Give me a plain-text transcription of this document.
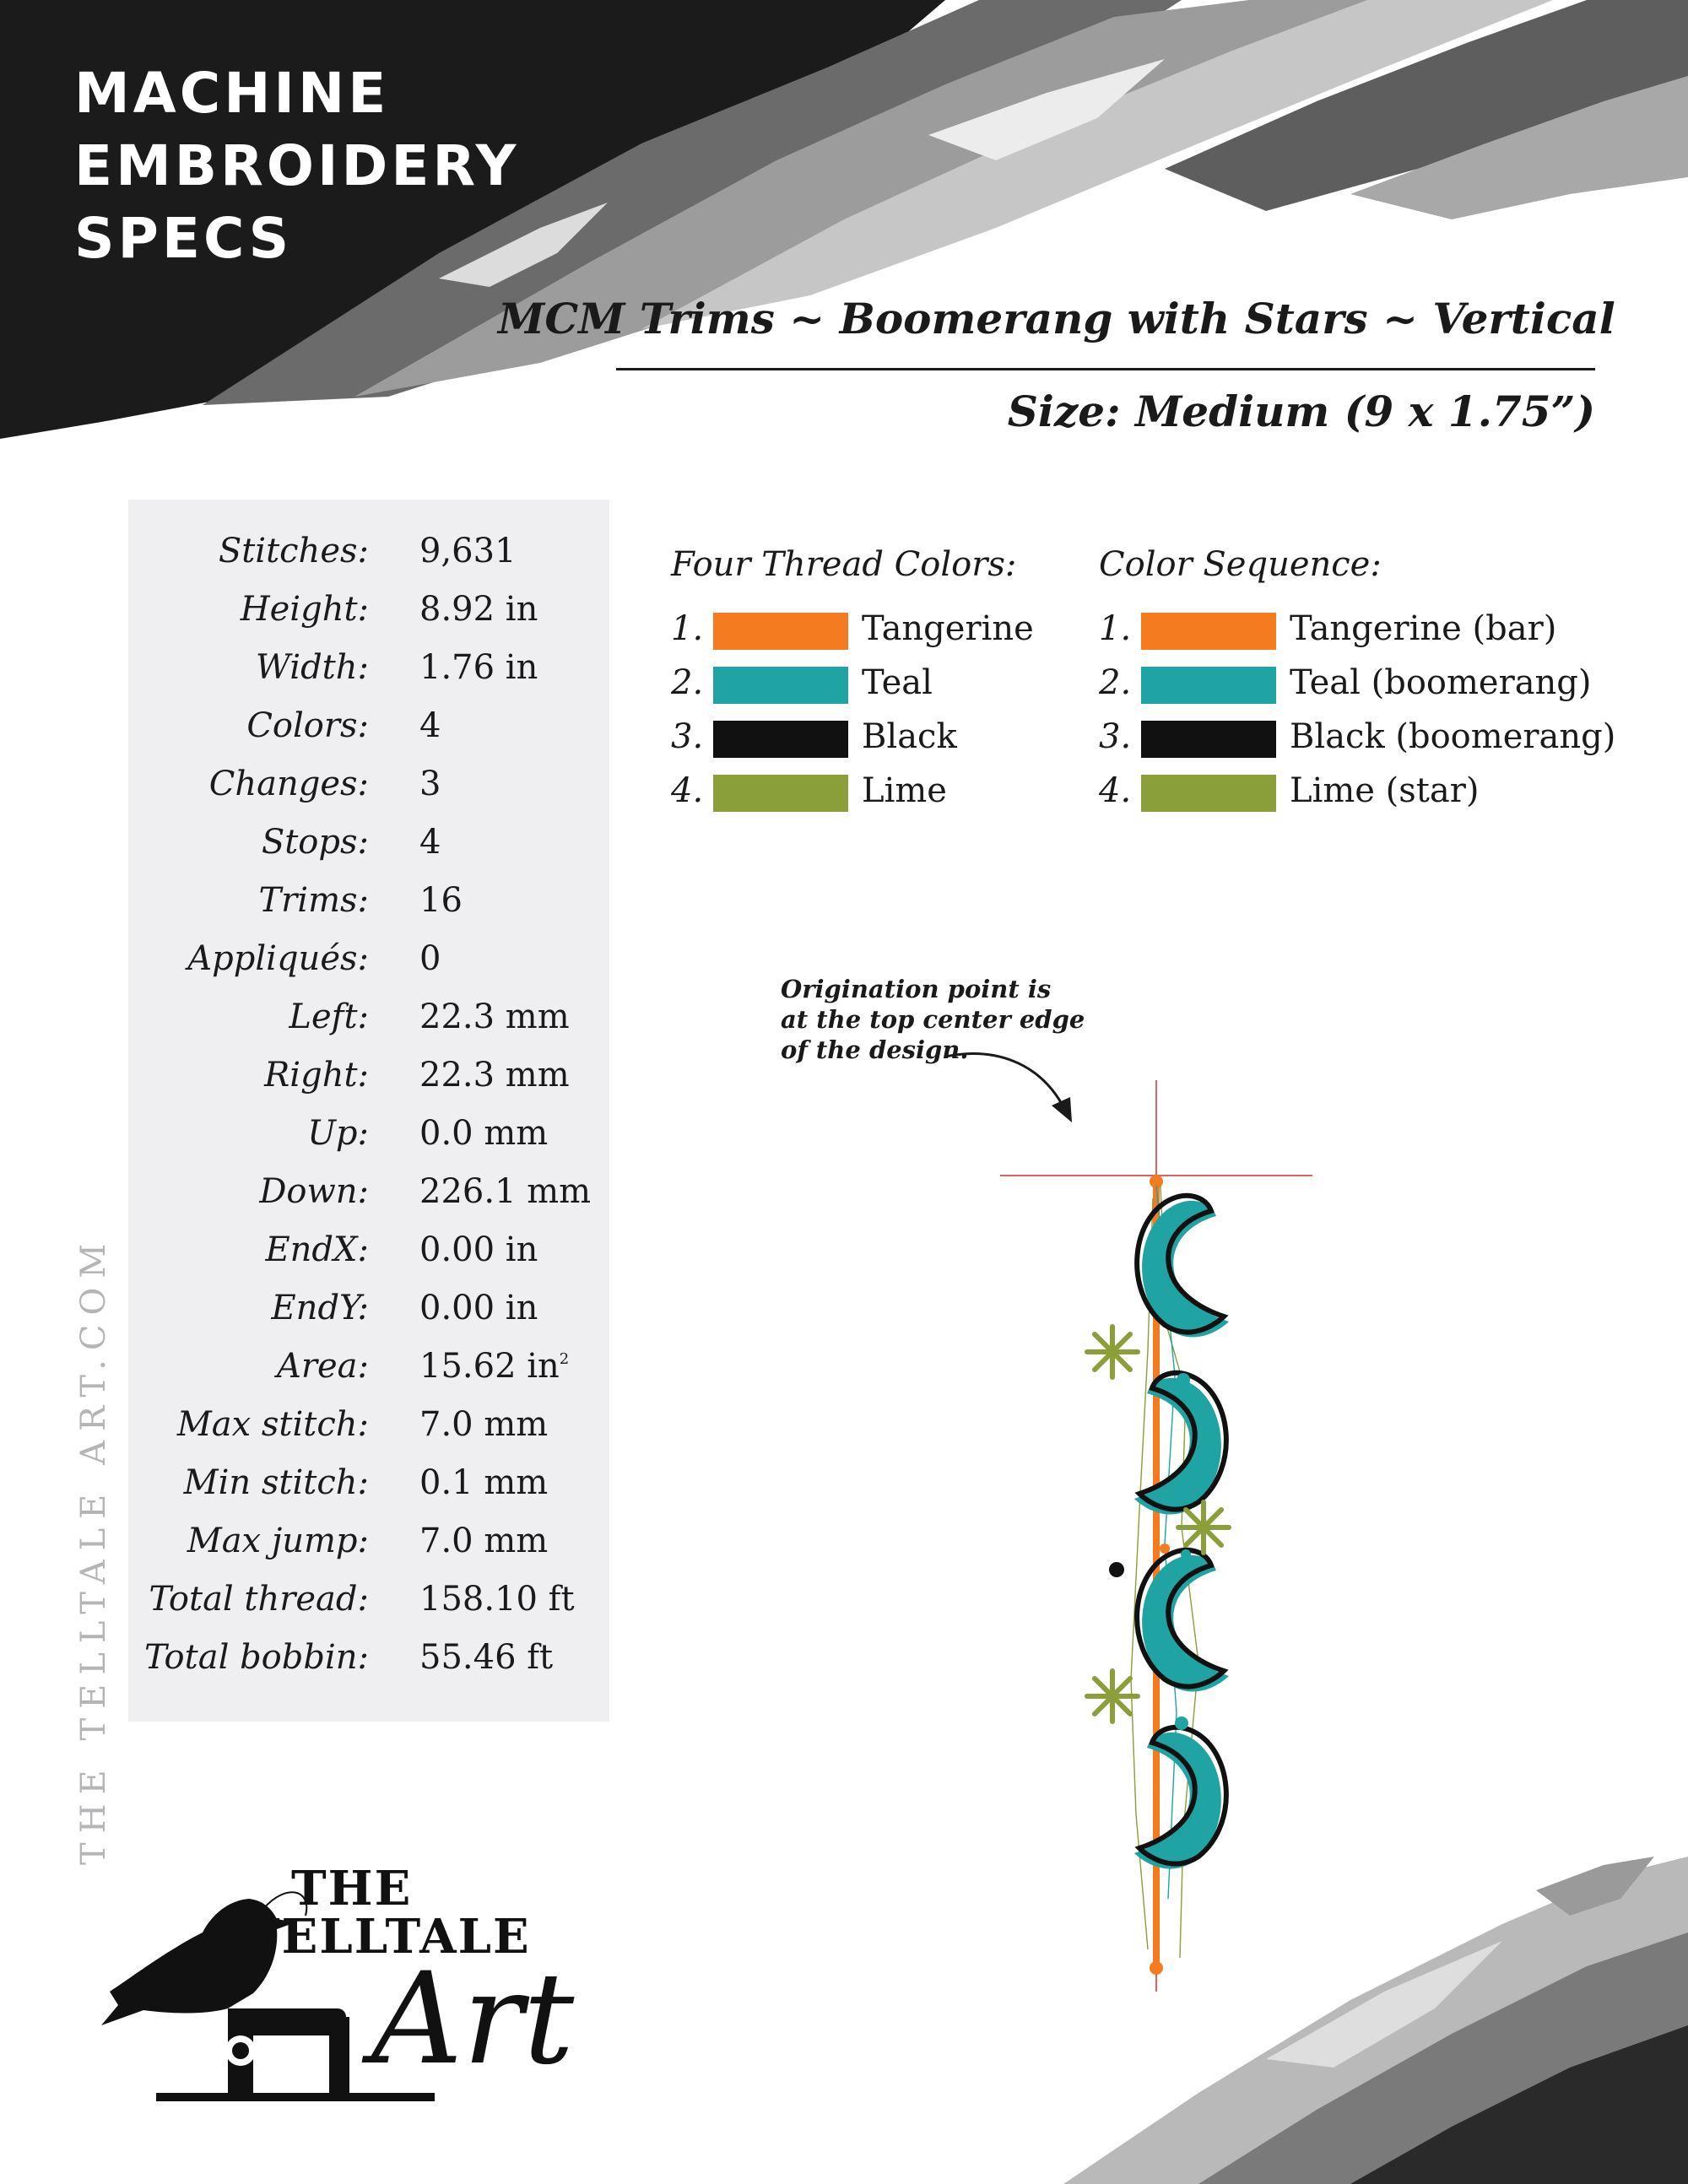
MACHINE
EMBROIDERY
SPECS
MCM Trims ~ Boomerang with Stars ~ Vertical
Size: Medium (9 x 1.75”)
Stitches: 9,631
Height: 8.92 in
Width: 1.76 in
Colors: 4
Changes: 3
Stops: 4
Trims: 16
Appliqués: 0
Left: 22.3 mm
Right: 22.3 mm
Up: 0.0 mm
Down: 226.1 mm
EndX: 0.00 in
EndY: 0.00 in
Area: 15.62 $in^2$
Max stitch: 7.0 mm
Min stitch: 0.1 mm
Max jump: 7.0 mm
Total thread: 158.10 ft
Total bobbin: 55.46 ft
THE TELLTALE ART.COM
Four Thread Colors:
1.	Tangerine
2.	Teal
3.	Black
4.	Lime
Color Sequence:
1.	Tangerine (bar)
2.	Teal (boomerang)
3.	Black (boomerang)
4.	Lime (star)
Origination point is
at the top center edge
of the design.
THE
TELLTALE
Art
